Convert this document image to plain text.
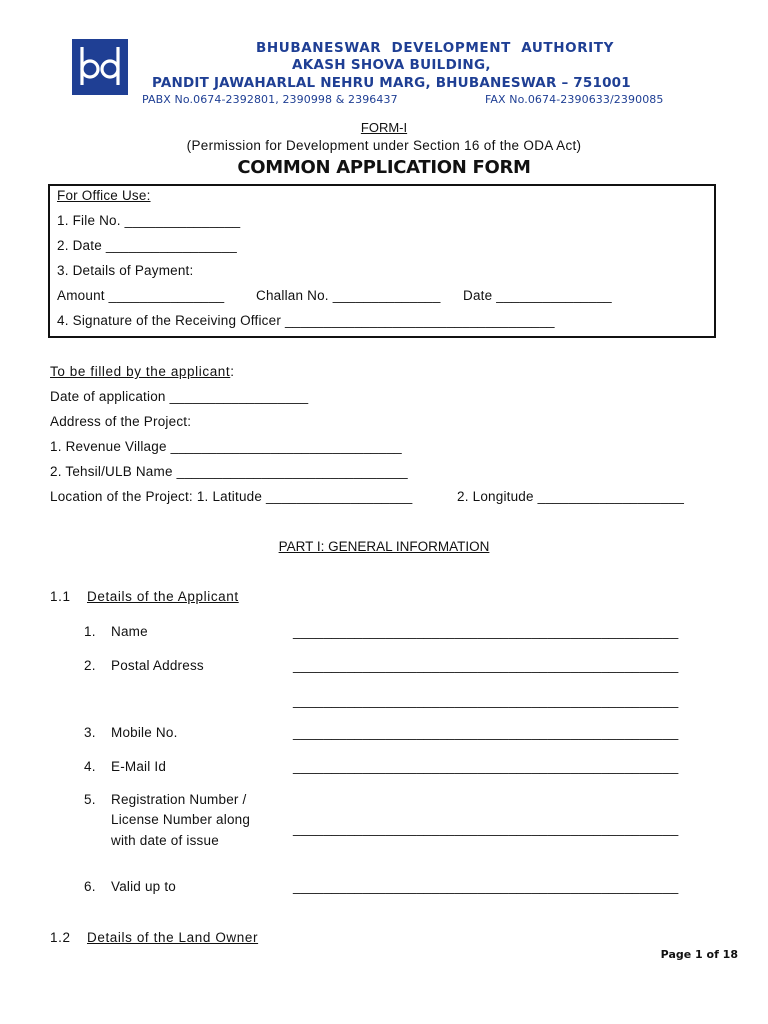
BHUBANESWAR DEVELOPMENT AUTHORITY
AKASH SHOVA BUILDING,
PANDIT JAWAHARLAL NEHRU MARG, BHUBANESWAR – 751001
PABX No.0674-2392801, 2390998 & 2396437	FAX No.0674-2390633/2390085
FORM-I
(Permission for Development under Section 16 of the ODA Act)
COMMON APPLICATION FORM
For Office Use:
1. File No. _______________
2. Date _________________
3. Details of Payment:
Amount _______________ Challan No. ______________ Date _______________
4. Signature of the Receiving Officer ___________________________________
To be filled by the applicant:
Date of application __________________
Address of the Project:
1. Revenue Village ______________________________
2. Tehsil/ULB Name ______________________________
Location of the Project: 1. Latitude ___________________	2. Longitude ___________________
PART I: GENERAL INFORMATION
1.1 Details of the Applicant
1. Name	__________________________________________________
2. Postal Address	__________________________________________________
__________________________________________________
3. Mobile No.	__________________________________________________
4. E-Mail Id	__________________________________________________
5. Registration Number /
License Number along
with date of issue
__________________________________________________
6. Valid up to	__________________________________________________
1.2 Details of the Land Owner
Page 1 of 18
